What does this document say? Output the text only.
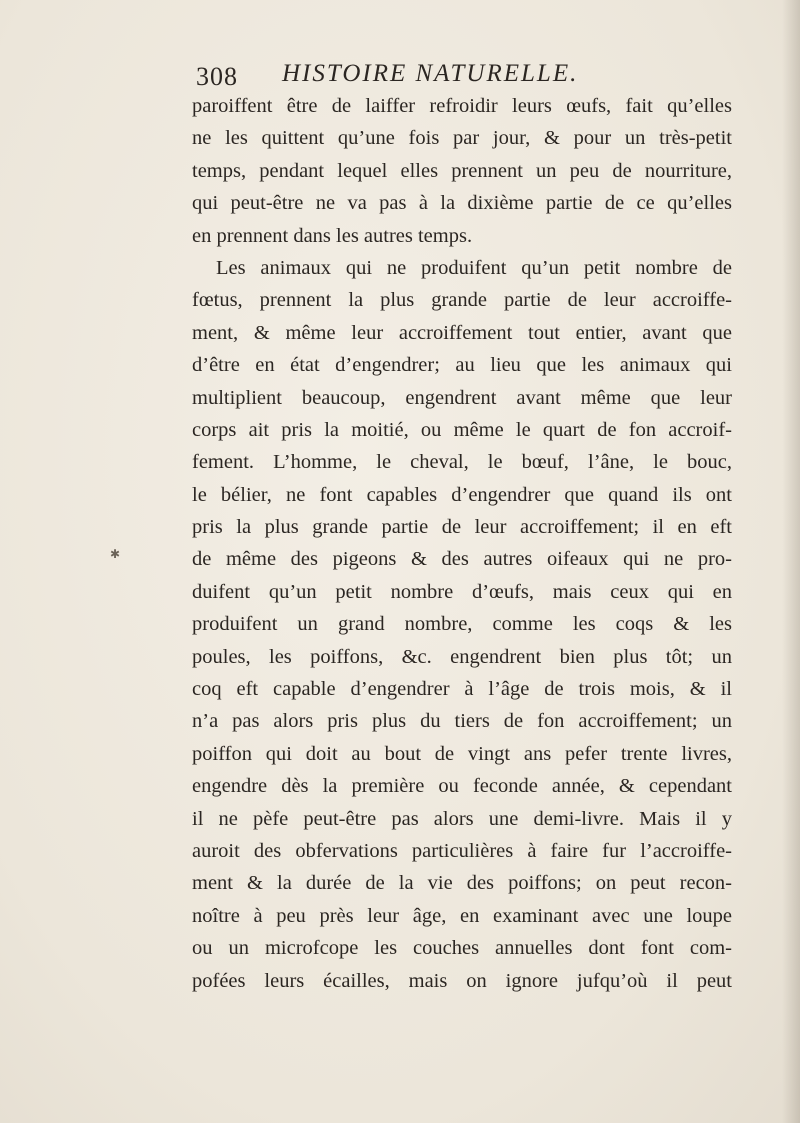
308 HISTOIRE NATURELLE.
✱
paroiffent être de laiffer refroidir leurs œufs, fait qu’elles
ne les quittent qu’une fois par jour, & pour un très-petit
temps, pendant lequel elles prennent un peu de nourriture,
qui peut-être ne va pas à la dixième partie de ce qu’elles
en prennent dans les autres temps.
Les animaux qui ne produifent qu’un petit nombre de
fœtus, prennent la plus grande partie de leur accroiffe-
ment, & même leur accroiffement tout entier, avant que
d’être en état d’engendrer; au lieu que les animaux qui
multiplient beaucoup, engendrent avant même que leur
corps ait pris la moitié, ou même le quart de fon accroif-
fement. L’homme, le cheval, le bœuf, l’âne, le bouc,
le bélier, ne font capables d’engendrer que quand ils ont
pris la plus grande partie de leur accroiffement; il en eft
de même des pigeons & des autres oifeaux qui ne pro-
duifent qu’un petit nombre d’œufs, mais ceux qui en
produifent un grand nombre, comme les coqs & les
poules, les poiffons, &c. engendrent bien plus tôt; un
coq eft capable d’engendrer à l’âge de trois mois, & il
n’a pas alors pris plus du tiers de fon accroiffement; un
poiffon qui doit au bout de vingt ans pefer trente livres,
engendre dès la première ou feconde année, & cependant
il ne pèfe peut-être pas alors une demi-livre. Mais il y
auroit des obfervations particulières à faire fur l’accroiffe-
ment & la durée de la vie des poiffons; on peut recon-
noître à peu près leur âge, en examinant avec une loupe
ou un microfcope les couches annuelles dont font com-
pofées leurs écailles, mais on ignore jufqu’où il peut
